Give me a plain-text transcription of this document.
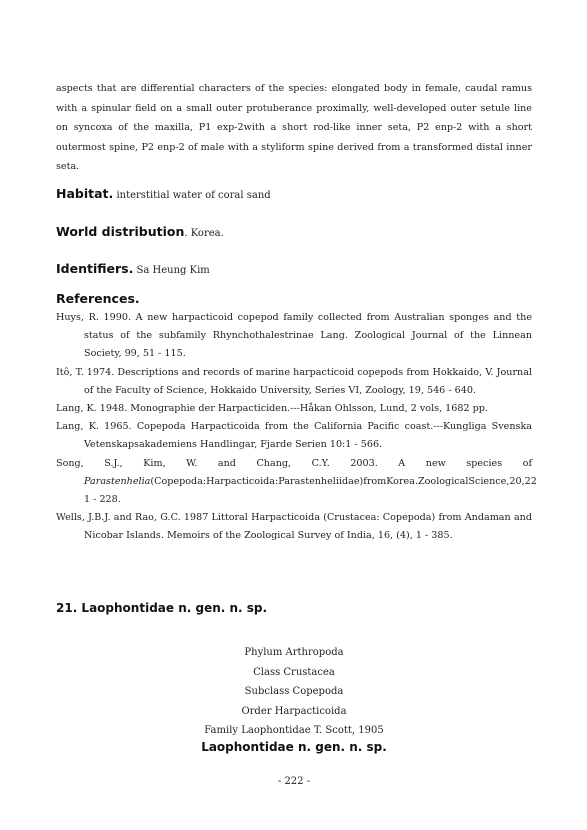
aspects that are differential characters of the species: elongated body in female, caudal ramus with a spinular field on a small outer protuberance proximally, well-developed outer setule line on syncoxa of the maxilla, P1 exp-2with a short rod-like inner seta, P2 enp-2 with a short outermost spine, P2 enp-2 of male with a styliform spine derived from a transformed distal inner seta.

Habitat. interstitial water of coral sand

World distribution. Korea.

Identifiers. Sa Heung Kim

References.

Huys, R. 1990. A new harpacticoid copepod family collected from Australian sponges and the status of the subfamily Rhynchothalestrinae Lang. Zoological Journal of the Linnean Society, 99, 51 - 115.
Itô, T. 1974. Descriptions and records of marine harpacticoid copepods from Hokkaido, V. Journal of the Faculty of Science, Hokkaido University, Series VI, Zoology, 19, 546 - 640.
Lang, K. 1948. Monographie der Harpacticiden.---Håkan Ohlsson, Lund, 2 vols, 1682 pp.
Lang, K. 1965. Copepoda Harpacticoida from the California Pacific coast.---Kungliga Svenska Vetenskapsakademiens Handlingar, Fjarde Serien 10:1 - 566.
Song, S.J., Kim, W. and Chang, C.Y. 2003. A new species of Parastenhelia(Copepoda:Harpacticoida:Parastenheliidae)fromKorea.ZoologicalScience,20,22 1 - 228.
Wells, J.B.J. and Rao, G.C. 1987 Littoral Harpacticoida (Crustacea: Copepoda) from Andaman and Nicobar Islands. Memoirs of the Zoological Survey of India, 16, (4), 1 - 385.
21. Laophontidae n. gen. n. sp.
Phylum Arthropoda
Class Crustacea
Subclass Copepoda
Order Harpacticoida
Family Laophontidae T. Scott, 1905

Laophontidae n. gen. n. sp.

- 222 -
